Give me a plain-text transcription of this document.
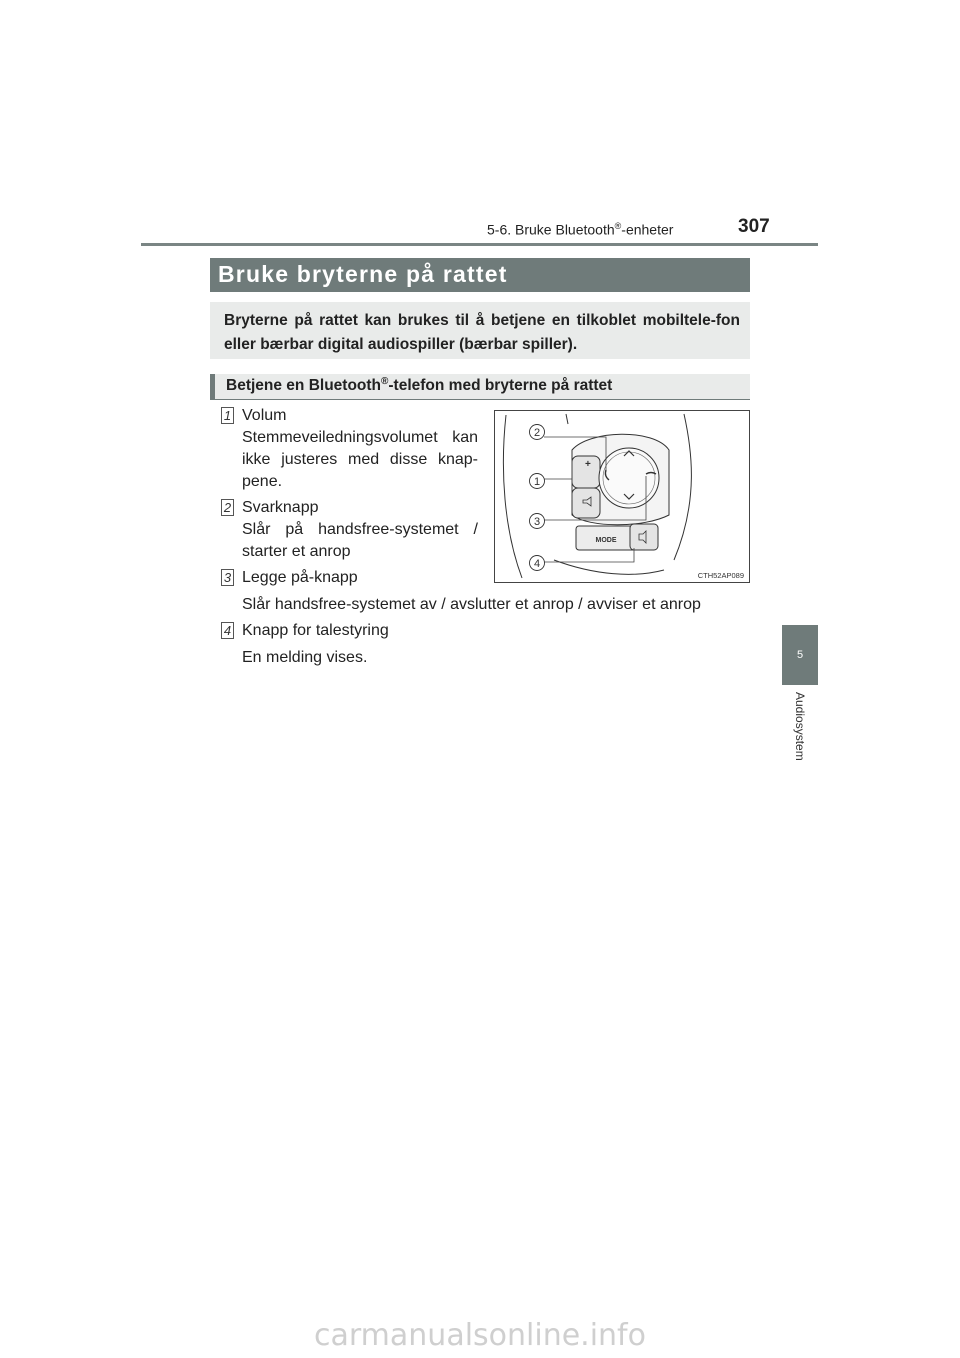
5-6. Bruke Bluetooth®-enheter	307
Bruke bryterne på rattet
Bryterne på rattet kan brukes til å betjene en tilkoblet mobiltele-fon eller bærbar digital audiospiller (bærbar spiller).
Betjene en Bluetooth®-telefon med bryterne på rattet
1 Volum
Stemmeveiledningsvolumet kan ikke justeres med disse knap-pene.
2 Svarknapp
Slår på handsfree-systemet / starter et anrop
3 Legge på-knapp
Slår handsfree-systemet av / avslutter et anrop / avviser et anrop
4 Knapp for talestyring
En melding vises.
+
MODE
2
1
3
4
CTH52AP089
5
Audiosystem
carmanualsonline.info
